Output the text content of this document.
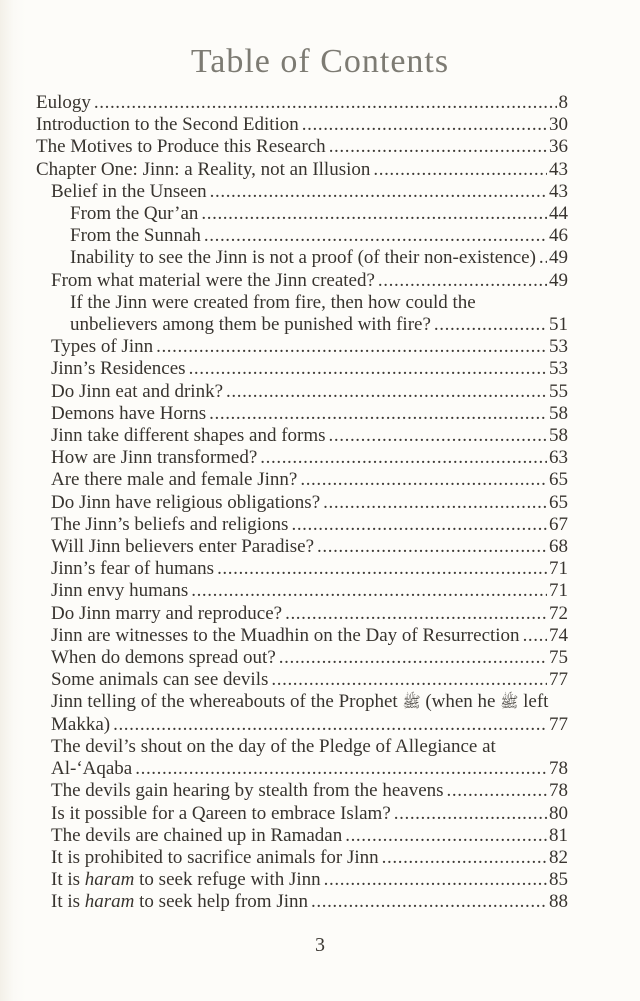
Table of Contents
Eulogy .....	8
Introduction to the Second Edition .....	30
The Motives to Produce this Research .....	36
Chapter One: Jinn: a Reality, not an Illusion .....	43
Belief in the Unseen .....	43
From the Qur’an .....	44
From the Sunnah .....	46
Inability to see the Jinn is not a proof (of their non-existence) ..... 49
From what material were the Jinn created? .....	49
If the Jinn were created from fire, then how could the
unbelievers among them be punished with fire? .....	51
Types of Jinn .....	53
Jinn’s Residences .....	53
Do Jinn eat and drink? .....	55
Demons have Horns .....	58
Jinn take different shapes and forms .....	58
How are Jinn transformed? .....	63
Are there male and female Jinn? .....	65
Do Jinn have religious obligations? .....	65
The Jinn’s beliefs and religions .....	67
Will Jinn believers enter Paradise? .....	68
Jinn’s fear of humans .....	71
Jinn envy humans .....	71
Do Jinn marry and reproduce? .....	72
Jinn are witnesses to the Muadhin on the Day of Resurrection ..... 74
When do demons spread out? .....	75
Some animals can see devils .....	77
Jinn telling of the whereabouts of the Prophet ﷺ (when he ﷺ left
Makka) .....	77
The devil’s shout on the day of the Pledge of Allegiance at
Al-‘Aqaba .....	78
The devils gain hearing by stealth from the heavens .....	78
Is it possible for a Qareen to embrace Islam? .....	80
The devils are chained up in Ramadan .....	81
It is prohibited to sacrifice animals for Jinn .....	82
It is haram to seek refuge with Jinn .....	85
It is haram to seek help from Jinn .....	88
3
